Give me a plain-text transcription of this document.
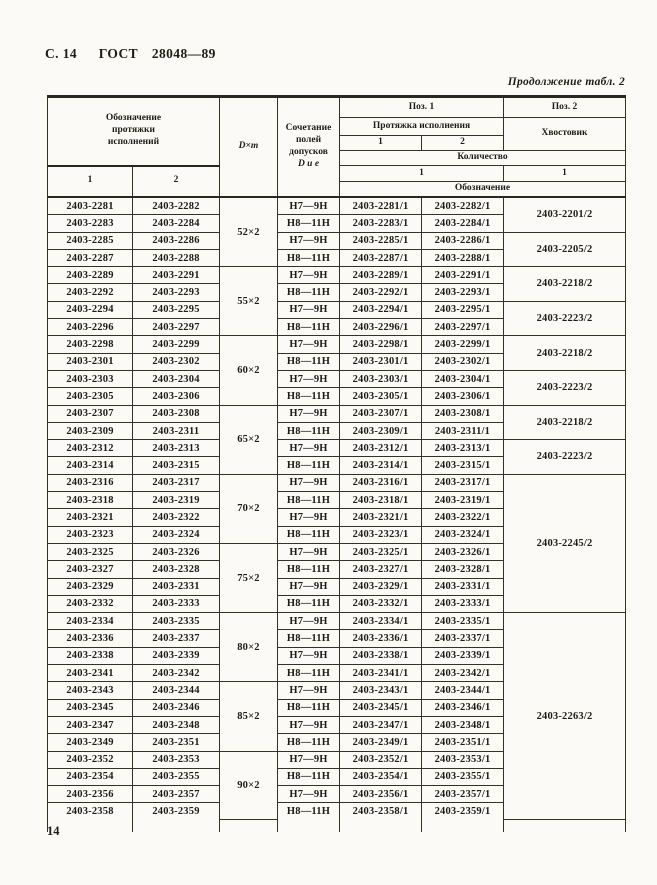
С. 14 ГОСТ 28048—89
Продолжение табл. 2
Обозначение протяжки исполнений		D×m	Сочетание полей допусков
D и е	Поз. 1		Поз. 2
				Протяжка исполнения		Хвостовик
				1	2	
				Количество		
1	2			1		1
				Обозначение		
2403-2281	2403-2282	52×2	H7—9H	2403-2281/1	2403-2282/1	2403-2201/2
2403-2283	2403-2284		H8—11H	2403-2283/1	2403-2284/1	
2403-2285	2403-2286		H7—9H	2403-2285/1	2403-2286/1	2403-2205/2
2403-2287	2403-2288		H8—11H	2403-2287/1	2403-2288/1	
2403-2289	2403-2291	55×2	H7—9H	2403-2289/1	2403-2291/1	2403-2218/2
2403-2292	2403-2293		H8—11H	2403-2292/1	2403-2293/1	
2403-2294	2403-2295		H7—9H	2403-2294/1	2403-2295/1	2403-2223/2
2403-2296	2403-2297		H8—11H	2403-2296/1	2403-2297/1	
2403-2298	2403-2299	60×2	H7—9H	2403-2298/1	2403-2299/1	2403-2218/2
2403-2301	2403-2302		H8—11H	2403-2301/1	2403-2302/1	
2403-2303	2403-2304		H7—9H	2403-2303/1	2403-2304/1	2403-2223/2
2403-2305	2403-2306		H8—11H	2403-2305/1	2403-2306/1	
2403-2307	2403-2308	65×2	H7—9H	2403-2307/1	2403-2308/1	2403-2218/2
2403-2309	2403-2311		H8—11H	2403-2309/1	2403-2311/1	
2403-2312	2403-2313		H7—9H	2403-2312/1	2403-2313/1	2403-2223/2
2403-2314	2403-2315		H8—11H	2403-2314/1	2403-2315/1	
2403-2316	2403-2317	70×2	H7—9H	2403-2316/1	2403-2317/1	2403-2245/2
2403-2318	2403-2319		H8—11H	2403-2318/1	2403-2319/1	
2403-2321	2403-2322		H7—9H	2403-2321/1	2403-2322/1	
2403-2323	2403-2324		H8—11H	2403-2323/1	2403-2324/1	
2403-2325	2403-2326	75×2	H7—9H	2403-2325/1	2403-2326/1	
2403-2327	2403-2328		H8—11H	2403-2327/1	2403-2328/1	
2403-2329	2403-2331		H7—9H	2403-2329/1	2403-2331/1	
2403-2332	2403-2333		H8—11H	2403-2332/1	2403-2333/1	
2403-2334	2403-2335	80×2	H7—9H	2403-2334/1	2403-2335/1	2403-2263/2
2403-2336	2403-2337		H8—11H	2403-2336/1	2403-2337/1	
2403-2338	2403-2339		H7—9H	2403-2338/1	2403-2339/1	
2403-2341	2403-2342		H8—11H	2403-2341/1	2403-2342/1	
2403-2343	2403-2344	85×2	H7—9H	2403-2343/1	2403-2344/1	
2403-2345	2403-2346		H8—11H	2403-2345/1	2403-2346/1	
2403-2347	2403-2348		H7—9H	2403-2347/1	2403-2348/1	
2403-2349	2403-2351		H8—11H	2403-2349/1	2403-2351/1	
2403-2352	2403-2353	90×2	H7—9H	2403-2352/1	2403-2353/1	
2403-2354	2403-2355		H8—11H	2403-2354/1	2403-2355/1	
2403-2356	2403-2357		H7—9H	2403-2356/1	2403-2357/1	
2403-2358	2403-2359		H8—11H	2403-2358/1	2403-2359/1	

14
